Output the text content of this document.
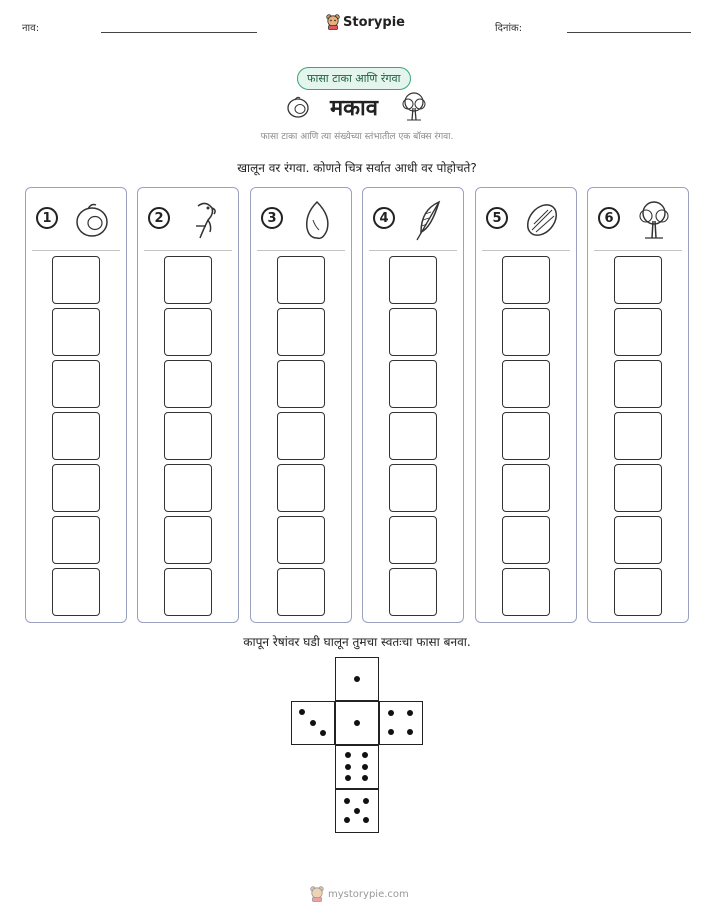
नाव:	Storypie	दिनांक:
फासा टाका आणि रंगवा
मकाव
फासा टाका आणि त्या संख्येच्या स्तंभातील एक बॉक्स रंगवा.
खालून वर रंगवा. कोणते चित्र सर्वात आधी वर पोहोचते?
1	2	3	4	5	6
कापून रेषांवर घडी घालून तुमचा स्वतःचा फासा बनवा.
mystorypie.com
